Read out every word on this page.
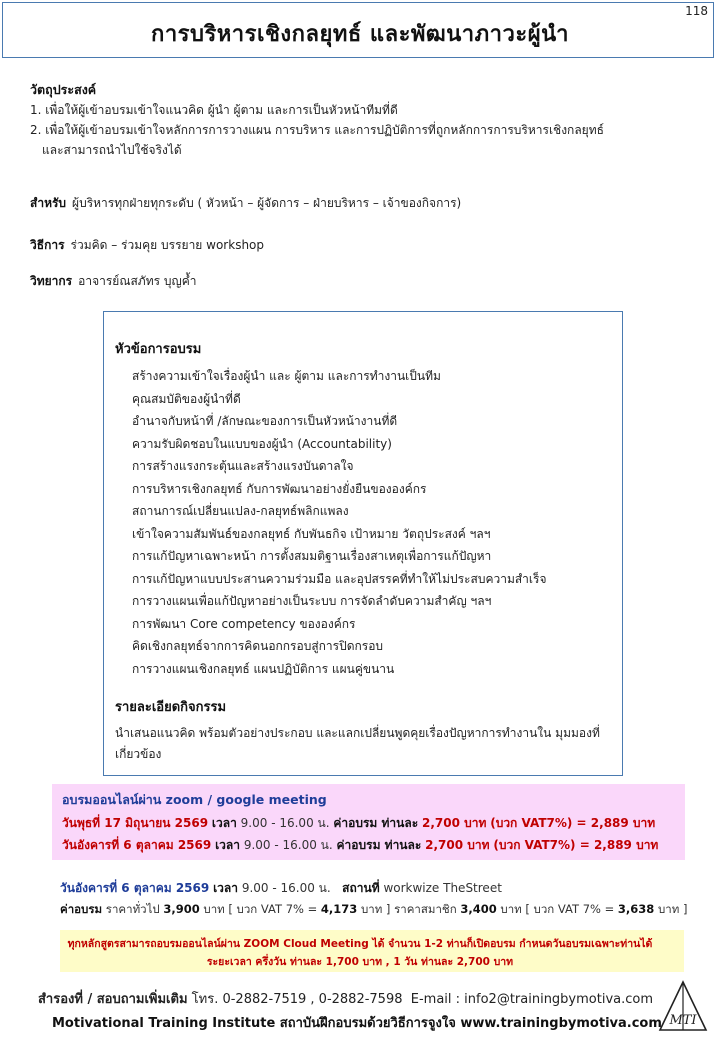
118
การบริหารเชิงกลยุทธ์ และพัฒนาภาวะผู้นำ
วัตถุประสงค์
1. เพื่อให้ผู้เข้าอบรมเข้าใจแนวคิด ผู้นำ ผู้ตาม และการเป็นหัวหน้าทีมที่ดี
2. เพื่อให้ผู้เข้าอบรมเข้าใจหลักการการวางแผน การบริหาร และการปฏิบัติการที่ถูกหลักการการบริหารเชิงกลยุทธ์
และสามารถนำไปใช้จริงได้
สำหรับ ผู้บริหารทุกฝ่ายทุกระดับ ( หัวหน้า – ผู้จัดการ – ฝ่ายบริหาร – เจ้าของกิจการ)
วิธีการ ร่วมคิด – ร่วมคุย บรรยาย workshop
วิทยากร อาจารย์ณสภัทร บุญค้ำ
หัวข้อการอบรม
สร้างความเข้าใจเรื่องผู้นำ และ ผู้ตาม และการทำงานเป็นทีม
คุณสมบัติของผู้นำที่ดี
อำนาจกับหน้าที่ /ลักษณะของการเป็นหัวหน้างานที่ดี
ความรับผิดชอบในแบบของผู้นำ (Accountability)
การสร้างแรงกระตุ้นและสร้างแรงบันดาลใจ
การบริหารเชิงกลยุทธ์ กับการพัฒนาอย่างยั่งยืนขององค์กร
สถานการณ์เปลี่ยนแปลง-กลยุทธ์พลิกแพลง
เข้าใจความสัมพันธ์ของกลยุทธ์ กับพันธกิจ เป้าหมาย วัตถุประสงค์ ฯลฯ
การแก้ปัญหาเฉพาะหน้า การตั้งสมมติฐานเรื่องสาเหตุเพื่อการแก้ปัญหา
การแก้ปัญหาแบบประสานความร่วมมือ และอุปสรรคที่ทำให้ไม่ประสบความสำเร็จ
การวางแผนเพื่อแก้ปัญหาอย่างเป็นระบบ การจัดลำดับความสำคัญ ฯลฯ
การพัฒนา Core competency ขององค์กร
คิดเชิงกลยุทธ์จากการคิดนอกกรอบสู่การปิดกรอบ
การวางแผนเชิงกลยุทธ์ แผนปฏิบัติการ แผนคู่ขนาน
รายละเอียดกิจกรรม
นำเสนอแนวคิด พร้อมตัวอย่างประกอบ และแลกเปลี่ยนพูดคุยเรื่องปัญหาการทำงานใน มุมมองที่เกี่ยวข้อง
อบรมออนไลน์ผ่าน zoom / google meeting
วันพุธที่ 17 มิถุนายน 2569 เวลา 9.00 - 16.00 น. ค่าอบรม ท่านละ 2,700 บาท (บวก VAT7%) = 2,889 บาท
วันอังคารที่ 6 ตุลาคม 2569 เวลา 9.00 - 16.00 น. ค่าอบรม ท่านละ 2,700 บาท (บวก VAT7%) = 2,889 บาท
วันอังคารที่ 6 ตุลาคม 2569 เวลา 9.00 - 16.00 น. สถานที่ workwize TheStreet
ค่าอบรม ราคาทั่วไป 3,900 บาท [ บวก VAT 7% = 4,173 บาท ] ราคาสมาชิก 3,400 บาท [ บวก VAT 7% = 3,638 บาท ]
ทุกหลักสูตรสามารถอบรมออนไลน์ผ่าน ZOOM Cloud Meeting ได้ จำนวน 1-2 ท่านก็เปิดอบรม กำหนดวันอบรมเฉพาะท่านได้
ระยะเวลา ครึ่งวัน ท่านละ 1,700 บาท , 1 วัน ท่านละ 2,700 บาท
สำรองที่ / สอบถามเพิ่มเติม โทร. 0-2882-7519 , 0-2882-7598 E-mail : info2@trainingbymotiva.com
Motivational Training Institute สถาบันฝึกอบรมด้วยวิธีการจูงใจ www.trainingbymotiva.com MTI
